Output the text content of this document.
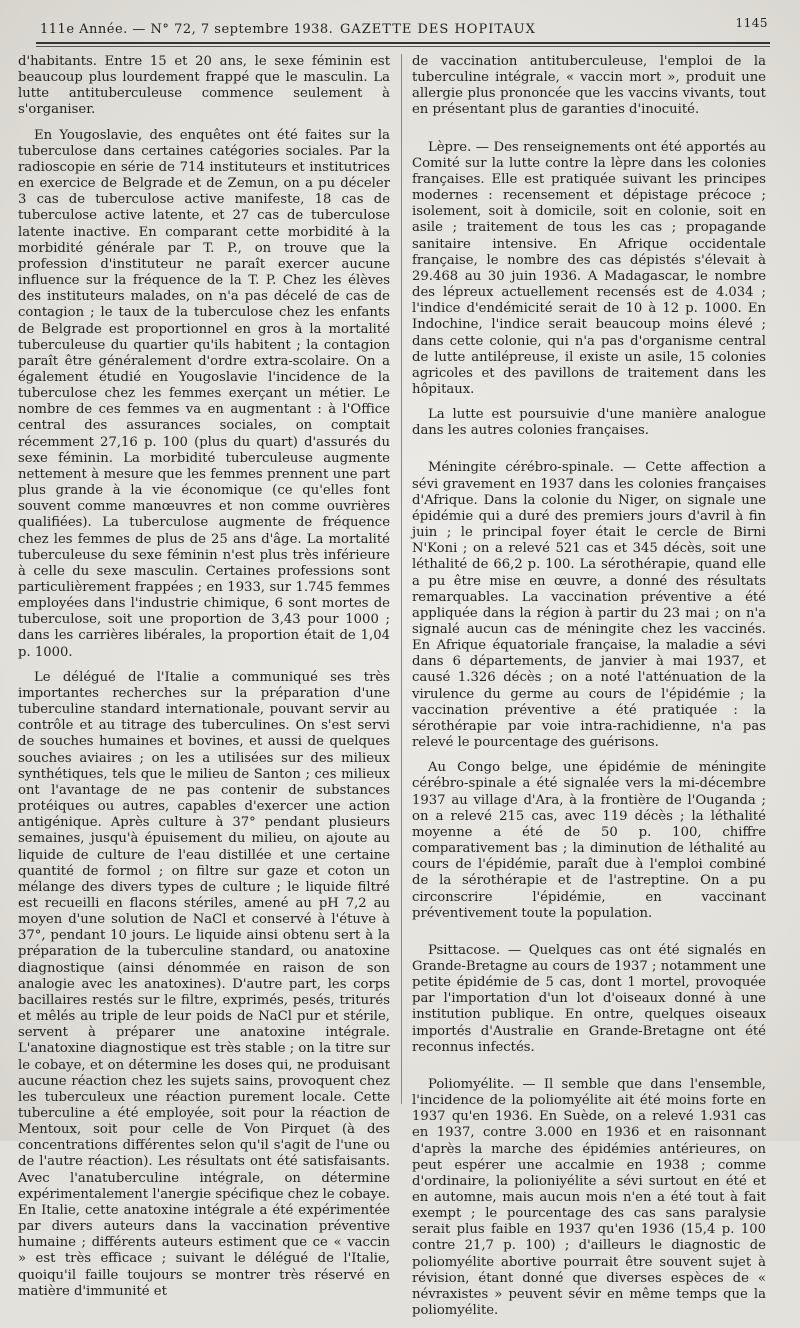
111e Année. — N° 72, 7 septembre 1938. GAZETTE DES HOPITAUX	1145

d'habitants. Entre 15 et 20 ans, le sexe féminin est beaucoup plus lourdement frappé que le masculin. La lutte antituberculeuse commence seulement à s'organiser.

En Yougoslavie, des enquêtes ont été faites sur la tuberculose dans certaines catégories sociales. Par la radioscopie en série de 714 instituteurs et institutrices en exercice de Belgrade et de Zemun, on a pu déceler 3 cas de tuberculose active manifeste, 18 cas de tuberculose active latente, et 27 cas de tuberculose latente inactive. En comparant cette morbidité à la morbidité générale par T. P., on trouve que la profession d'instituteur ne paraît exercer aucune influence sur la fréquence de la T. P. Chez les élèves des instituteurs malades, on n'a pas décelé de cas de contagion ; le taux de la tuberculose chez les enfants de Belgrade est proportionnel en gros à la mortalité tuberculeuse du quartier qu'ils habitent ; la contagion paraît être généralement d'ordre extra-scolaire. On a également étudié en Yougoslavie l'incidence de la tuberculose chez les femmes exerçant un métier. Le nombre de ces femmes va en augmentant : à l'Office central des assurances sociales, on comptait récemment 27,16 p. 100 (plus du quart) d'assurés du sexe féminin. La morbidité tuberculeuse augmente nettement à mesure que les femmes prennent une part plus grande à la vie économique (ce qu'elles font souvent comme manœuvres et non comme ouvrières qualifiées). La tuberculose augmente de fréquence chez les femmes de plus de 25 ans d'âge. La mortalité tuberculeuse du sexe féminin n'est plus très inférieure à celle du sexe masculin. Certaines professions sont particulièrement frappées ; en 1933, sur 1.745 femmes employées dans l'industrie chimique, 6 sont mortes de tuberculose, soit une proportion de 3,43 pour 1000 ; dans les carrières libérales, la proportion était de 1,04 p. 1000.

Le délégué de l'Italie a communiqué ses très importantes recherches sur la préparation d'une tuberculine standard internationale, pouvant servir au contrôle et au titrage des tuberculines. On s'est servi de souches humaines et bovines, et aussi de quelques souches aviaires ; on les a utilisées sur des milieux synthétiques, tels que le milieu de Santon ; ces milieux ont l'avantage de ne pas contenir de substances protéiques ou autres, capables d'exercer une action antigénique. Après culture à 37° pendant plusieurs semaines, jusqu'à épuisement du milieu, on ajoute au liquide de culture de l'eau distillée et une certaine quantité de formol ; on filtre sur gaze et coton un mélange des divers types de culture ; le liquide filtré est recueilli en flacons stériles, amené au pH 7,2 au moyen d'une solution de NaCl et conservé à l'étuve à 37°, pendant 10 jours. Le liquide ainsi obtenu sert à la préparation de la tuberculine standard, ou anatoxine diagnostique (ainsi dénommée en raison de son analogie avec les anatoxines). D'autre part, les corps bacillaires restés sur le filtre, exprimés, pesés, triturés et mêlés au triple de leur poids de NaCl pur et stérile, servent à préparer une anatoxine intégrale. L'anatoxine diagnostique est très stable ; on la titre sur le cobaye, et on détermine les doses qui, ne produisant aucune réaction chez les sujets sains, provoquent chez les tuberculeux une réaction purement locale. Cette tuberculine a été employée, soit pour la réaction de Mentoux, soit pour celle de Von Pirquet (à des concentrations différentes selon qu'il s'agit de l'une ou de l'autre réaction). Les résultats ont été satisfaisants. Avec l'anatuberculine intégrale, on détermine expérimentalement l'anergie spécifique chez le cobaye. En Italie, cette anatoxine intégrale a été expérimentée par divers auteurs dans la vaccination préventive humaine ; différents auteurs estiment que ce « vaccin » est très efficace ; suivant le délégué de l'Italie, quoiqu'il faille toujours se montrer très réservé en matière d'immunité et

de vaccination antituberculeuse, l'emploi de la tuberculine intégrale, « vaccin mort », produit une allergie plus prononcée que les vaccins vivants, tout en présentant plus de garanties d'inocuité.

Lèpre. — Des renseignements ont été apportés au Comité sur la lutte contre la lèpre dans les colonies françaises. Elle est pratiquée suivant les principes modernes : recensement et dépistage précoce ; isolement, soit à domicile, soit en colonie, soit en asile ; traitement de tous les cas ; propagande sanitaire intensive. En Afrique occidentale française, le nombre des cas dépistés s'élevait à 29.468 au 30 juin 1936. A Madagascar, le nombre des lépreux actuellement recensés est de 4.034 ; l'indice d'endémicité serait de 10 à 12 p. 1000. En Indochine, l'indice serait beaucoup moins élevé ; dans cette colonie, qui n'a pas d'organisme central de lutte antilépreuse, il existe un asile, 15 colonies agricoles et des pavillons de traitement dans les hôpitaux.

La lutte est poursuivie d'une manière analogue dans les autres colonies françaises.

Méningite cérébro-spinale. — Cette affection a sévi gravement en 1937 dans les colonies françaises d'Afrique. Dans la colonie du Niger, on signale une épidémie qui a duré des premiers jours d'avril à fin juin ; le principal foyer était le cercle de Birni N'Koni ; on a relevé 521 cas et 345 décès, soit une léthalité de 66,2 p. 100. La sérothérapie, quand elle a pu être mise en œuvre, a donné des résultats remarquables. La vaccination préventive a été appliquée dans la région à partir du 23 mai ; on n'a signalé aucun cas de méningite chez les vaccinés. En Afrique équatoriale française, la maladie a sévi dans 6 départements, de janvier à mai 1937, et causé 1.326 décès ; on a noté l'atténuation de la virulence du germe au cours de l'épidémie ; la vaccination préventive a été pratiquée : la sérothérapie par voie intra-rachidienne, n'a pas relevé le pourcentage des guérisons.

Au Congo belge, une épidémie de méningite cérébro-spinale a été signalée vers la mi-décembre 1937 au village d'Ara, à la frontière de l'Ouganda ; on a relevé 215 cas, avec 119 décès ; la léthalité moyenne a été de 50 p. 100, chiffre comparativement bas ; la diminution de léthalité au cours de l'épidémie, paraît due à l'emploi combiné de la sérothérapie et de l'astreptine. On a pu circonscrire l'épidémie, en vaccinant préventivement toute la population.

Psittacose. — Quelques cas ont été signalés en Grande-Bretagne au cours de 1937 ; notamment une petite épidémie de 5 cas, dont 1 mortel, provoquée par l'importation d'un lot d'oiseaux donné à une institution publique. En ontre, quelques oiseaux importés d'Australie en Grande-Bretagne ont été reconnus infectés.

Poliomyélite. — Il semble que dans l'ensemble, l'incidence de la poliomyélite ait été moins forte en 1937 qu'en 1936. En Suède, on a relevé 1.931 cas en 1937, contre 3.000 en 1936 et en raisonnant d'après la marche des épidémies antérieures, on peut espérer une accalmie en 1938 ; comme d'ordinaire, la polioniyélite a sévi surtout en été et en automne, mais aucun mois n'en a été tout à fait exempt ; le pourcentage des cas sans paralysie serait plus faible en 1937 qu'en 1936 (15,4 p. 100 contre 21,7 p. 100) ; d'ailleurs le diagnostic de poliomyélite abortive pourrait être souvent sujet à révision, étant donné que diverses espèces de « névraxistes » peuvent sévir en même temps que la poliomyélite.
